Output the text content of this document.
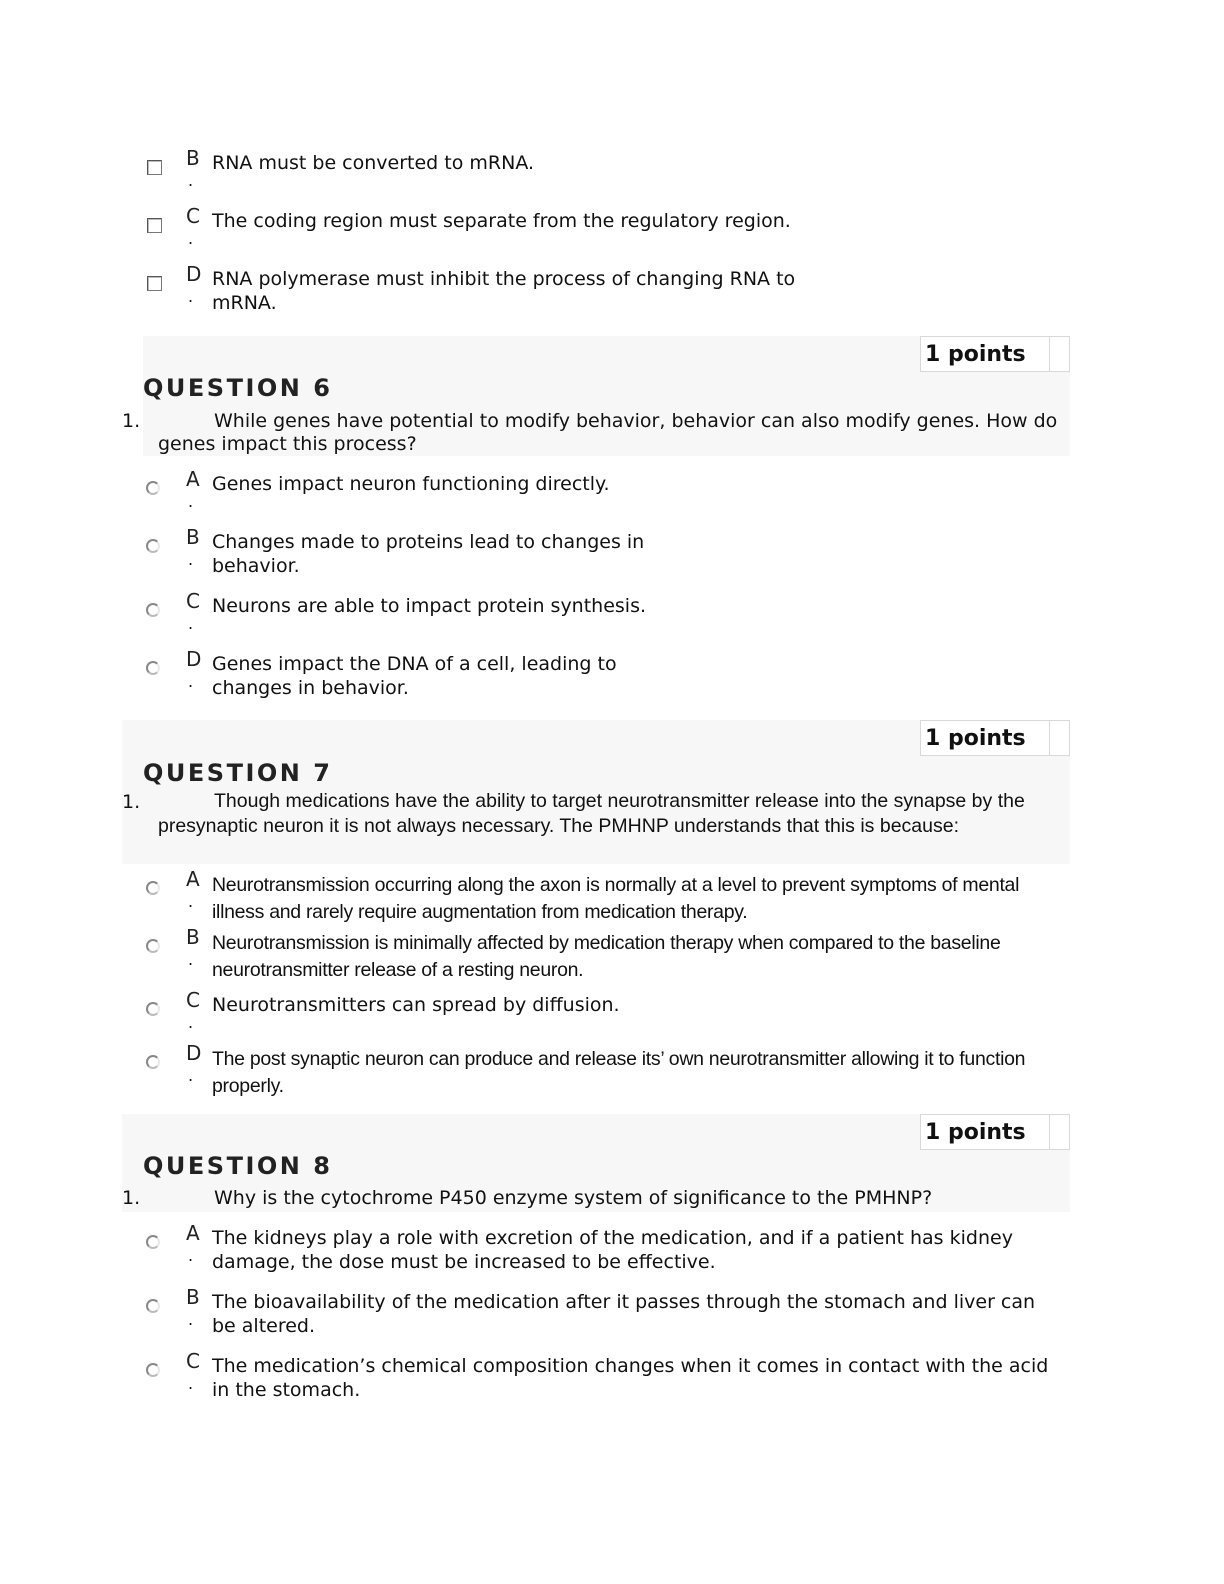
B
.
RNA must be converted to mRNA.
C
.
The coding region must separate from the regulatory region.
D
.
RNA polymerase must inhibit the process of changing RNA to mRNA.
1 points
QUESTION 6
1.	While genes have potential to modify behavior, behavior can also modify genes. How do genes impact this process?
A
.
Genes impact neuron functioning directly.
B
.
Changes made to proteins lead to changes in behavior.
C
.
Neurons are able to impact protein synthesis.
D
.
Genes impact the DNA of a cell, leading to changes in behavior.
1 points
QUESTION 7
1.	Though medications have the ability to target neurotransmitter release into the synapse by the presynaptic neuron it is not always necessary. The PMHNP understands that this is because:
A
.
Neurotransmission occurring along the axon is normally at a level to prevent symptoms of mental illness and rarely require augmentation from medication therapy.
B
.
Neurotransmission is minimally affected by medication therapy when compared to the baseline neurotransmitter release of a resting neuron.
C
.
Neurotransmitters can spread by diffusion.
D
.
The post synaptic neuron can produce and release its’ own neurotransmitter allowing it to function properly.
1 points
QUESTION 8
1.	Why is the cytochrome P450 enzyme system of significance to the PMHNP?
A
.
The kidneys play a role with excretion of the medication, and if a patient has kidney damage, the dose must be increased to be effective.
B
.
The bioavailability of the medication after it passes through the stomach and liver can be altered.
C
.
The medication’s chemical composition changes when it comes in contact with the acid in the stomach.
